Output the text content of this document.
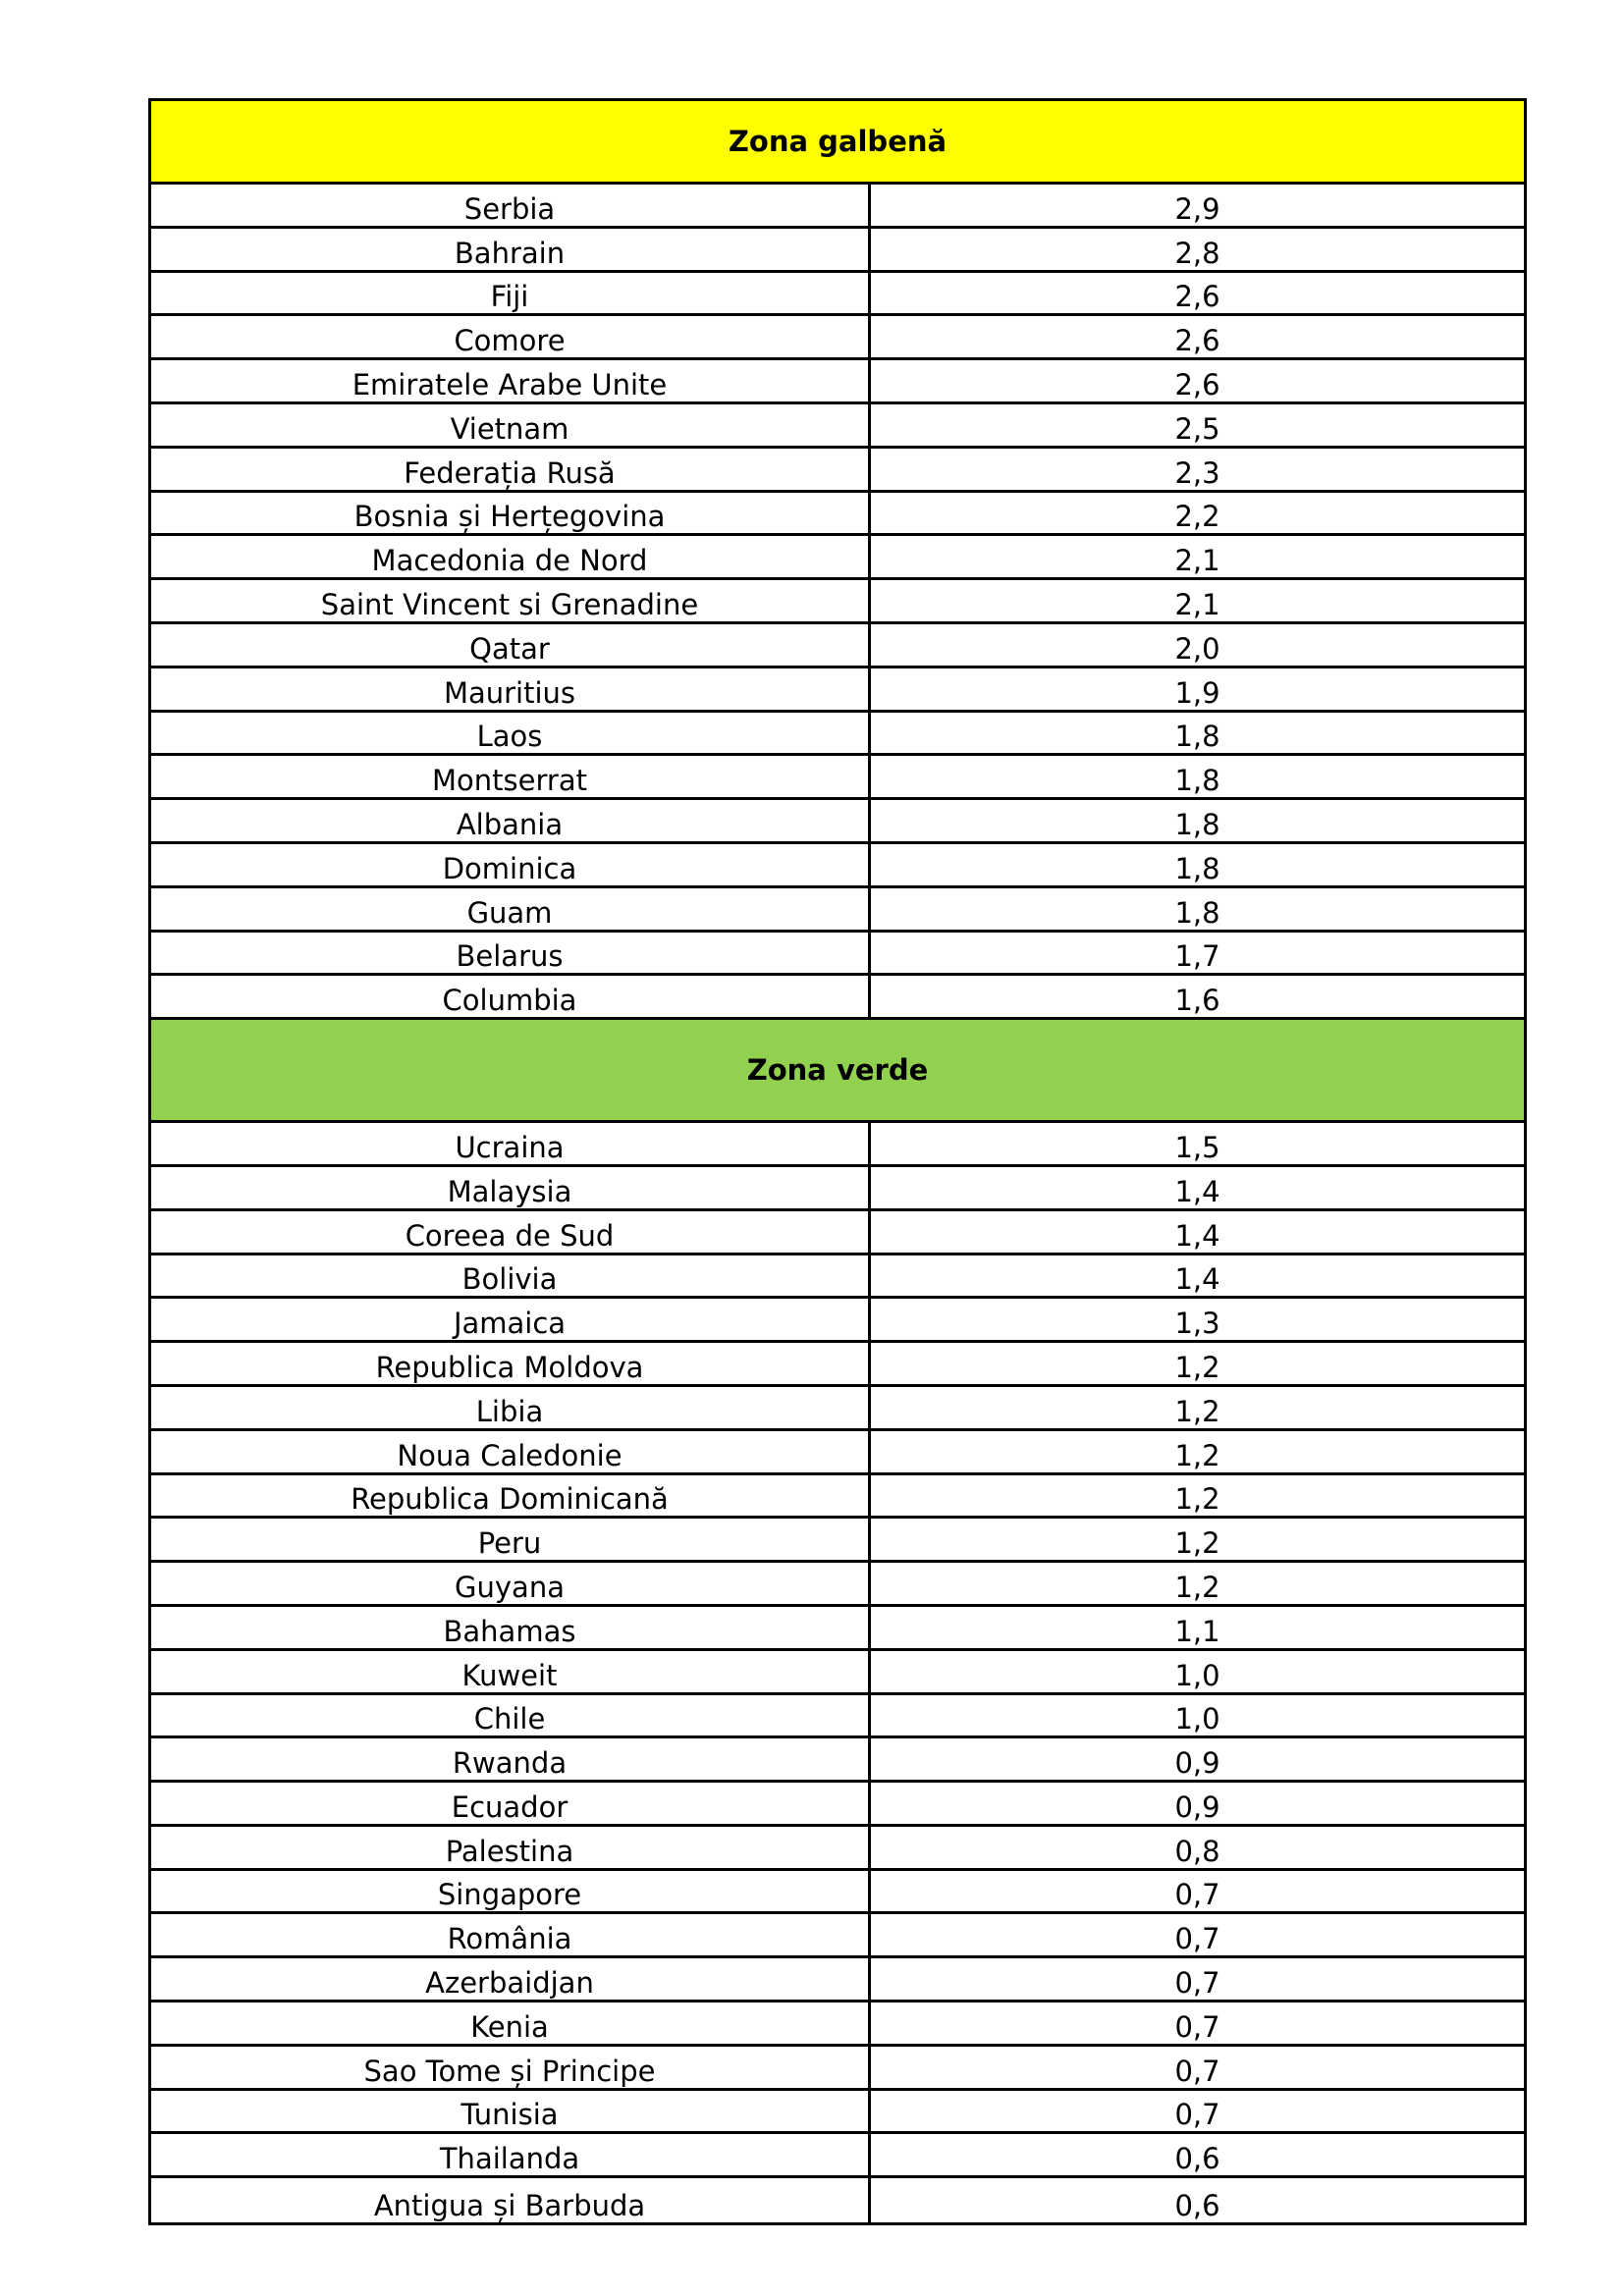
Zona galbenă
Serbia	2,9
Bahrain	2,8
Fiji	2,6
Comore	2,6
Emiratele Arabe Unite	2,6
Vietnam	2,5
Federația Rusă	2,3
Bosnia și Herțegovina	2,2
Macedonia de Nord	2,1
Saint Vincent si Grenadine	2,1
Qatar	2,0
Mauritius	1,9
Laos	1,8
Montserrat	1,8
Albania	1,8
Dominica	1,8
Guam	1,8
Belarus	1,7
Columbia	1,6
Zona verde
Ucraina	1,5
Malaysia	1,4
Coreea de Sud	1,4
Bolivia	1,4
Jamaica	1,3
Republica Moldova	1,2
Libia	1,2
Noua Caledonie	1,2
Republica Dominicană	1,2
Peru	1,2
Guyana	1,2
Bahamas	1,1
Kuweit	1,0
Chile	1,0
Rwanda	0,9
Ecuador	0,9
Palestina	0,8
Singapore	0,7
România	0,7
Azerbaidjan	0,7
Kenia	0,7
Sao Tome și Principe	0,7
Tunisia	0,7
Thailanda	0,6
Antigua și Barbuda	0,6
